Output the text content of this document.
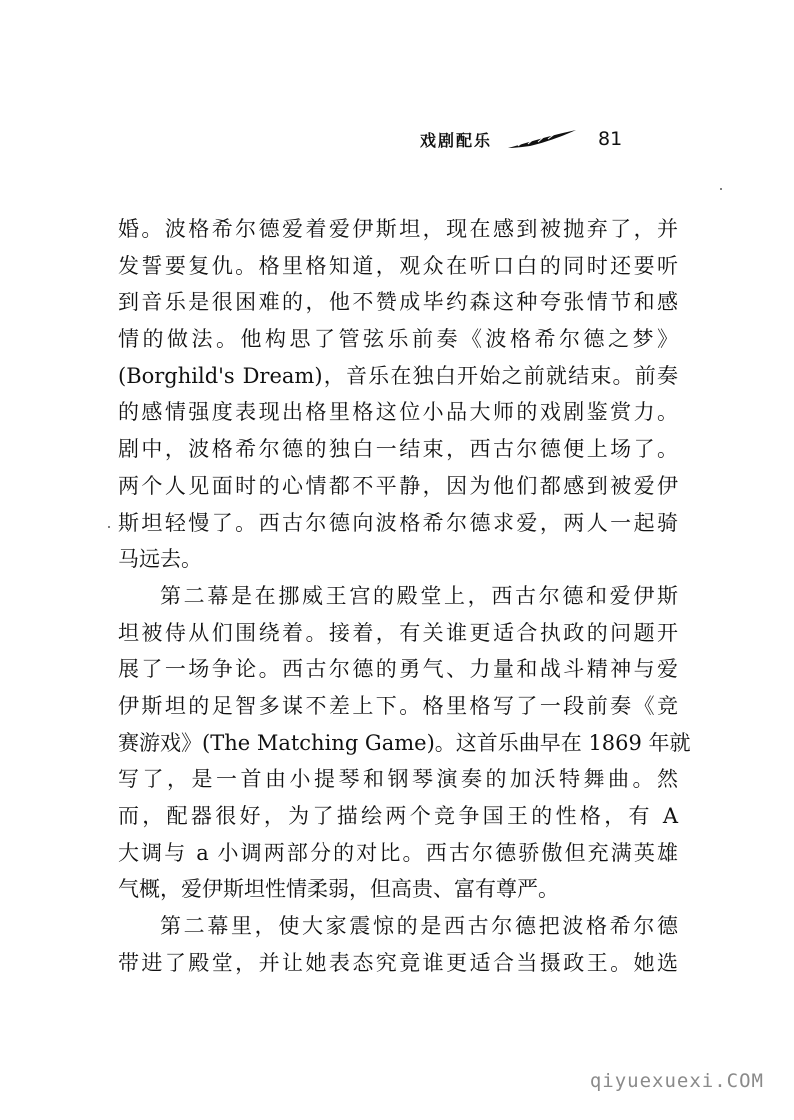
戏剧配乐	81

婚。波格希尔德爱着爱伊斯坦，现在感到被抛弃了，并
发誓要复仇。格里格知道，观众在听口白的同时还要听
到音乐是很困难的，他不赞成毕约森这种夸张情节和感
情的做法。他构思了管弦乐前奏《波格希尔德之梦》
(Borghild's Dream)，音乐在独白开始之前就结束。前奏
的感情强度表现出格里格这位小品大师的戏剧鉴赏力。
剧中，波格希尔德的独白一结束，西古尔德便上场了。
两个人见面时的心情都不平静，因为他们都感到被爱伊
斯坦轻慢了。西古尔德向波格希尔德求爱，两人一起骑
马远去。

第二幕是在挪威王宫的殿堂上，西古尔德和爱伊斯
坦被侍从们围绕着。接着，有关谁更适合执政的问题开
展了一场争论。西古尔德的勇气、力量和战斗精神与爱
伊斯坦的足智多谋不差上下。格里格写了一段前奏《竞
赛游戏》(The Matching Game)。这首乐曲早在 1869 年就
写了，是一首由小提琴和钢琴演奏的加沃特舞曲。然
而，配器很好，为了描绘两个竞争国王的性格，有 A
大调与 a 小调两部分的对比。西古尔德骄傲但充满英雄
气概，爱伊斯坦性情柔弱，但高贵、富有尊严。

第二幕里，使大家震惊的是西古尔德把波格希尔德
带进了殿堂，并让她表态究竟谁更适合当摄政王。她选

qiyuexuexi.COM
